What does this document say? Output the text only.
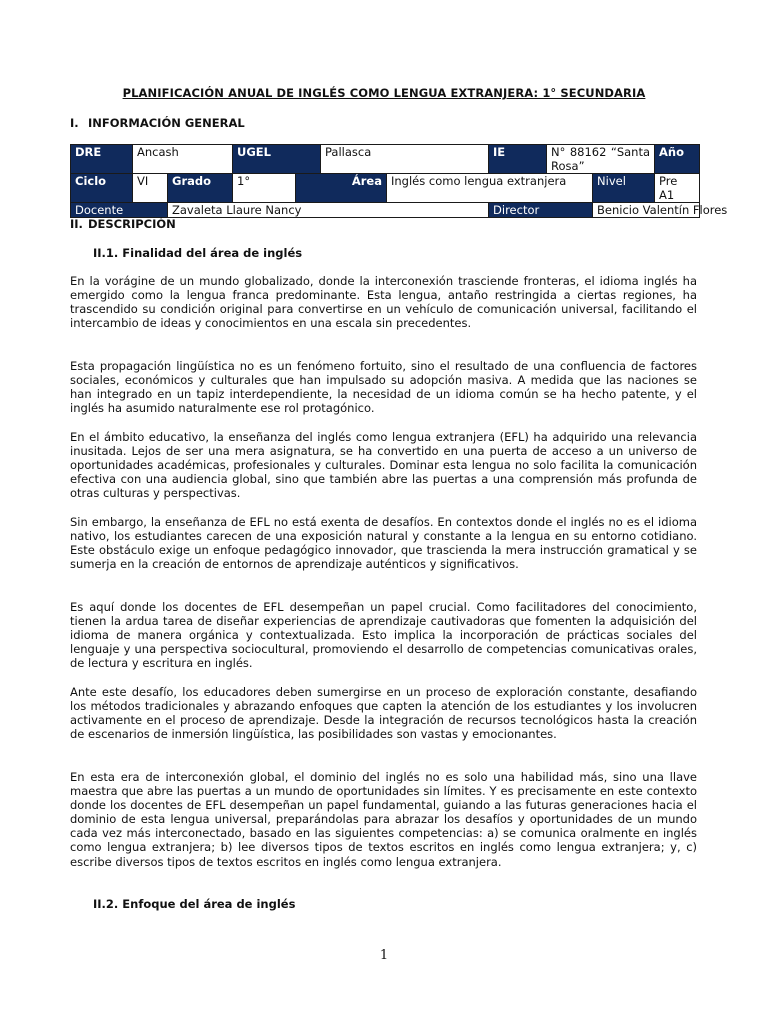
PLANIFICACIÓN ANUAL DE INGLÉS COMO LENGUA EXTRANJERA: 1° SECUNDARIA
I. INFORMACIÓN GENERAL
DRE	Ancash		UGEL		Pallasca		IE	N° 88162 “Santa Rosa”		Año	
Ciclo	VI	Grado	1°	Área		Inglés como lengua extranjera			Nivel	Pre A1	
Docente		Zavaleta Llaure Nancy					Director		Benicio Valentín Flores		
II. DESCRIPCIÓN
II.1. Finalidad del área de inglés

En la vorágine de un mundo globalizado, donde la interconexión trasciende fronteras, el idioma inglés ha emergido como la lengua franca predominante. Esta lengua, antaño restringida a ciertas regiones, ha trascendido su condición original para convertirse en un vehículo de comunicación universal, facilitando el intercambio de ideas y conocimientos en una escala sin precedentes.

Esta propagación lingüística no es un fenómeno fortuito, sino el resultado de una confluencia de factores sociales, económicos y culturales que han impulsado su adopción masiva. A medida que las naciones se han integrado en un tapiz interdependiente, la necesidad de un idioma común se ha hecho patente, y el inglés ha asumido naturalmente ese rol protagónico.

En el ámbito educativo, la enseñanza del inglés como lengua extranjera (EFL) ha adquirido una relevancia inusitada. Lejos de ser una mera asignatura, se ha convertido en una puerta de acceso a un universo de oportunidades académicas, profesionales y culturales. Dominar esta lengua no solo facilita la comunicación efectiva con una audiencia global, sino que también abre las puertas a una comprensión más profunda de otras culturas y perspectivas.

Sin embargo, la enseñanza de EFL no está exenta de desafíos. En contextos donde el inglés no es el idioma nativo, los estudiantes carecen de una exposición natural y constante a la lengua en su entorno cotidiano. Este obstáculo exige un enfoque pedagógico innovador, que trascienda la mera instrucción gramatical y se sumerja en la creación de entornos de aprendizaje auténticos y significativos.

Es aquí donde los docentes de EFL desempeñan un papel crucial. Como facilitadores del conocimiento, tienen la ardua tarea de diseñar experiencias de aprendizaje cautivadoras que fomenten la adquisición del idioma de manera orgánica y contextualizada. Esto implica la incorporación de prácticas sociales del lenguaje y una perspectiva sociocultural, promoviendo el desarrollo de competencias comunicativas orales, de lectura y escritura en inglés.

Ante este desafío, los educadores deben sumergirse en un proceso de exploración constante, desafiando los métodos tradicionales y abrazando enfoques que capten la atención de los estudiantes y los involucren activamente en el proceso de aprendizaje. Desde la integración de recursos tecnológicos hasta la creación de escenarios de inmersión lingüística, las posibilidades son vastas y emocionantes.

En esta era de interconexión global, el dominio del inglés no es solo una habilidad más, sino una llave maestra que abre las puertas a un mundo de oportunidades sin límites. Y es precisamente en este contexto donde los docentes de EFL desempeñan un papel fundamental, guiando a las futuras generaciones hacia el dominio de esta lengua universal, preparándolas para abrazar los desafíos y oportunidades de un mundo cada vez más interconectado, basado en las siguientes competencias: a) se comunica oralmente en inglés como lengua extranjera; b) lee diversos tipos de textos escritos en inglés como lengua extranjera; y, c) escribe diversos tipos de textos escritos en inglés como lengua extranjera.

II.2. Enfoque del área de inglés
1
